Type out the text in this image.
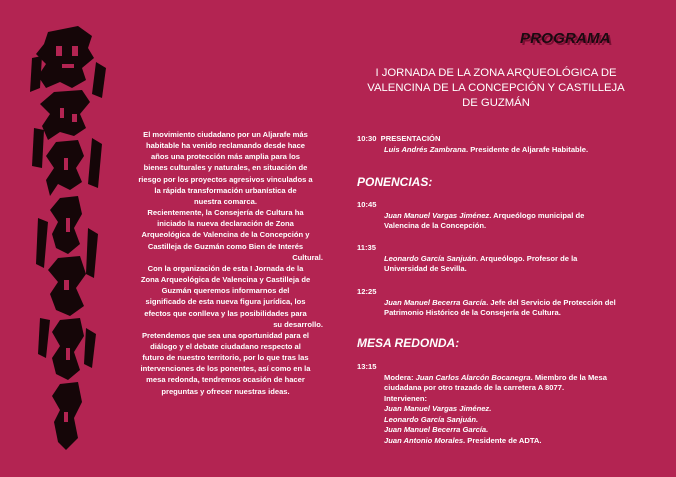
El movimiento ciudadano por un Aljarafe más

habitable ha venido reclamando desde hace

años una protección más amplia para los

bienes culturales y naturales, en situación de

riesgo por los proyectos agresivos vinculados a

la rápida transformación urbanística de

nuestra comarca.

Recientemente, la Consejería de Cultura ha

iniciado la nueva declaración de Zona

Arqueológica de Valencina de la Concepción y

Castilleja de Guzmán como Bien de Interés

Cultural.

Con la organización de esta I Jornada de la

Zona Arqueológica de Valencina y Castilleja de

Guzmán queremos informarnos del

significado de esta nueva figura jurídica, los

efectos que conlleva y las posibilidades para

su desarrollo.

Pretendemos que sea una oportunidad para el

diálogo y el debate ciudadano respecto al

futuro de nuestro territorio, por lo que tras las

intervenciones de los ponentes, así como en la

mesa redonda, tendremos ocasión de hacer

preguntas y ofrecer nuestras ideas.

PROGRAMA
I JORNADA DE LA ZONA ARQUEOLÓGICA DE
VALENCINA DE LA CONCEPCIÓN Y CASTILLEJA
DE GUZMÁN
10:30 PRESENTACIÓN
Luis Andrés Zambrana. Presidente de Aljarafe Habitable.
PONENCIAS:
10:45
Juan Manuel Vargas Jiménez. Arqueólogo municipal de
Valencina de la Concepción.
11:35
Leonardo García Sanjuán. Arqueólogo. Profesor de la
Universidad de Sevilla.
12:25
Juan Manuel Becerra García. Jefe del Servicio de Protección del
Patrimonio Histórico de la Consejería de Cultura.
MESA REDONDA:
13:15
Modera: Juan Carlos Alarcón Bocanegra. Miembro de la Mesa
ciudadana por otro trazado de la carretera A 8077.
Intervienen:
Juan Manuel Vargas Jiménez.
Leonardo García Sanjuán.
Juan Manuel Becerra García.
Juan Antonio Morales. Presidente de ADTA.
